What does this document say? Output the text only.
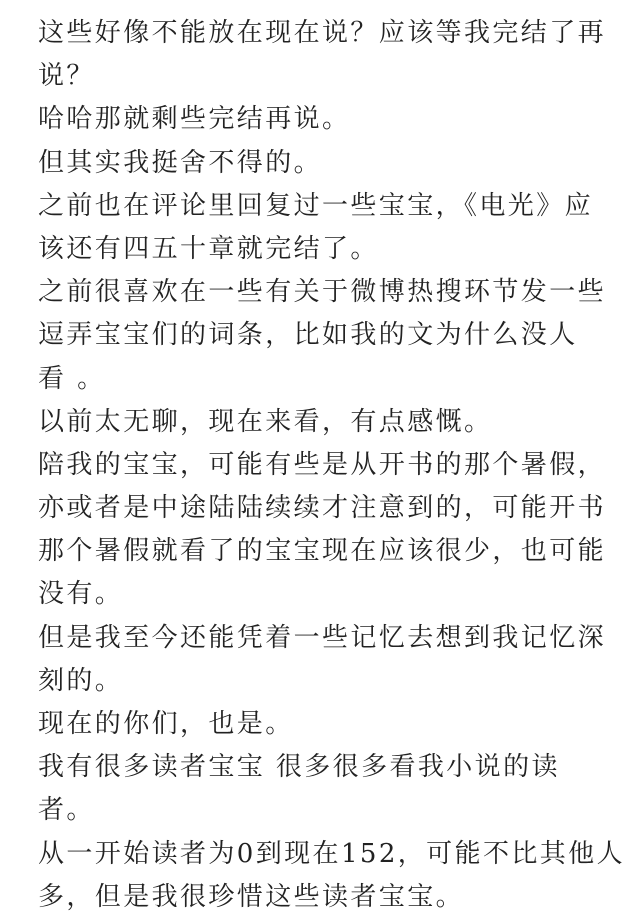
这些好像不能放在现在说？应该等我完结了再
说？
哈哈那就剩些完结再说。
但其实我挺舍不得的。
之前也在评论里回复过一些宝宝，《电光》应
该还有四五十章就完结了。
之前很喜欢在一些有关于微博热搜环节发一些
逗弄宝宝们的词条，比如我的文为什么没人
看 。
以前太无聊，现在来看，有点感慨。
陪我的宝宝，可能有些是从开书的那个暑假，
亦或者是中途陆陆续续才注意到的，可能开书
那个暑假就看了的宝宝现在应该很少，也可能
没有。
但是我至今还能凭着一些记忆去想到我记忆深
刻的。
现在的你们，也是。
我有很多读者宝宝 很多很多看我小说的读
者。
从一开始读者为0到现在152，可能不比其他人
多，但是我很珍惜这些读者宝宝。
